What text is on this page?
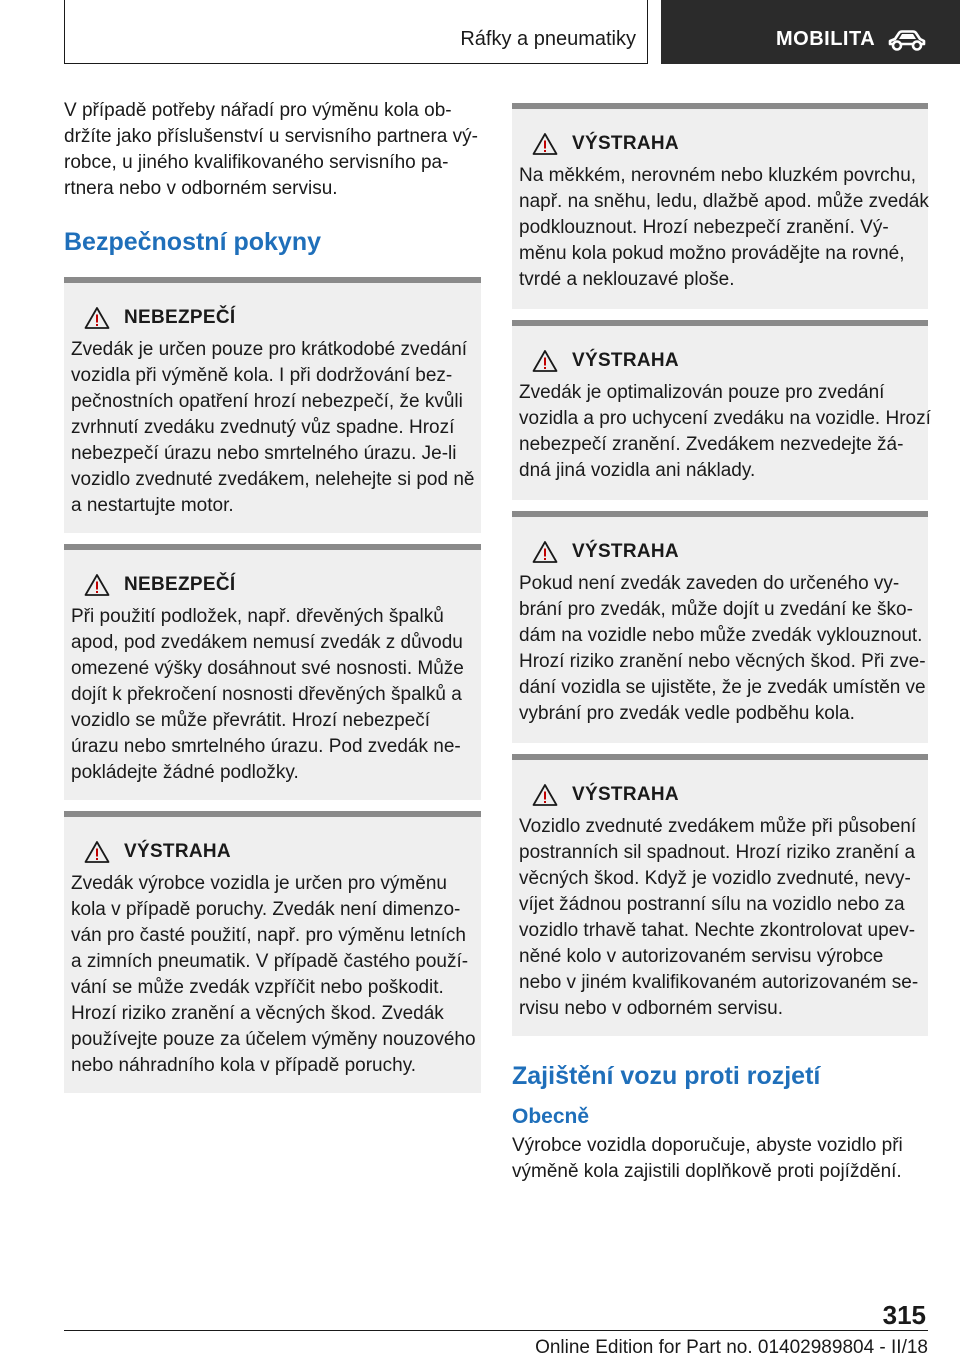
Ráfky a pneumatiky	MOBILITA

V případě potřeby nářadí pro výměnu kola ob-
držíte jako příslušenství u servisního partnera vý-
robce, u jiného kvalifikovaného servisního pa-
rtnera nebo v odborném servisu.

Bezpečnostní pokyny
NEBEZPEČÍ

Zvedák je určen pouze pro krátkodobé zvedání
vozidla při výměně kola. I při dodržování bez-
pečnostních opatření hrozí nebezpečí, že kvůli
zvrhnutí zvedáku zvednutý vůz spadne. Hrozí
nebezpečí úrazu nebo smrtelného úrazu. Je-li
vozidlo zvednuté zvedákem, nelehejte si pod ně
a nestartujte motor.

NEBEZPEČÍ

Při použití podložek, např. dřevěných špalků
apod, pod zvedákem nemusí zvedák z důvodu
omezené výšky dosáhnout své nosnosti. Může
dojít k překročení nosnosti dřevěných špalků a
vozidlo se může převrátit. Hrozí nebezpečí
úrazu nebo smrtelného úrazu. Pod zvedák ne-
pokládejte žádné podložky.

VÝSTRAHA

Zvedák výrobce vozidla je určen pro výměnu
kola v případě poruchy. Zvedák není dimenzo-
ván pro časté použití, např. pro výměnu letních
a zimních pneumatik. V případě častého použí-
vání se může zvedák vzpříčit nebo poškodit.
Hrozí riziko zranění a věcných škod. Zvedák
používejte pouze za účelem výměny nouzového
nebo náhradního kola v případě poruchy.

VÝSTRAHA

Na měkkém, nerovném nebo kluzkém povrchu,
např. na sněhu, ledu, dlažbě apod. může zvedák
podklouznout. Hrozí nebezpečí zranění. Vý-
měnu kola pokud možno provádějte na rovné,
tvrdé a neklouzavé ploše.

VÝSTRAHA

Zvedák je optimalizován pouze pro zvedání
vozidla a pro uchycení zvedáku na vozidle. Hrozí
nebezpečí zranění. Zvedákem nezvedejte žá-
dná jiná vozidla ani náklady.

VÝSTRAHA

Pokud není zvedák zaveden do určeného vy-
brání pro zvedák, může dojít u zvedání ke ško-
dám na vozidle nebo může zvedák vyklouznout.
Hrozí riziko zranění nebo věcných škod. Při zve-
dání vozidla se ujistěte, že je zvedák umístěn ve
vybrání pro zvedák vedle podběhu kola.

VÝSTRAHA

Vozidlo zvednuté zvedákem může při působení
postranních sil spadnout. Hrozí riziko zranění a
věcných škod. Když je vozidlo zvednuté, nevy-
víjet žádnou postranní sílu na vozidlo nebo za
vozidlo trhavě tahat. Nechte zkontrolovat upev-
něné kolo v autorizovaném servisu výrobce
nebo v jiném kvalifikovaném autorizovaném se-
rvisu nebo v odborném servisu.

Zajištění vozu proti rozjetí
Obecně

Výrobce vozidla doporučuje, abyste vozidlo při
výměně kola zajistili doplňkově proti pojíždění.

315
Online Edition for Part no. 01402989804 - II/18
